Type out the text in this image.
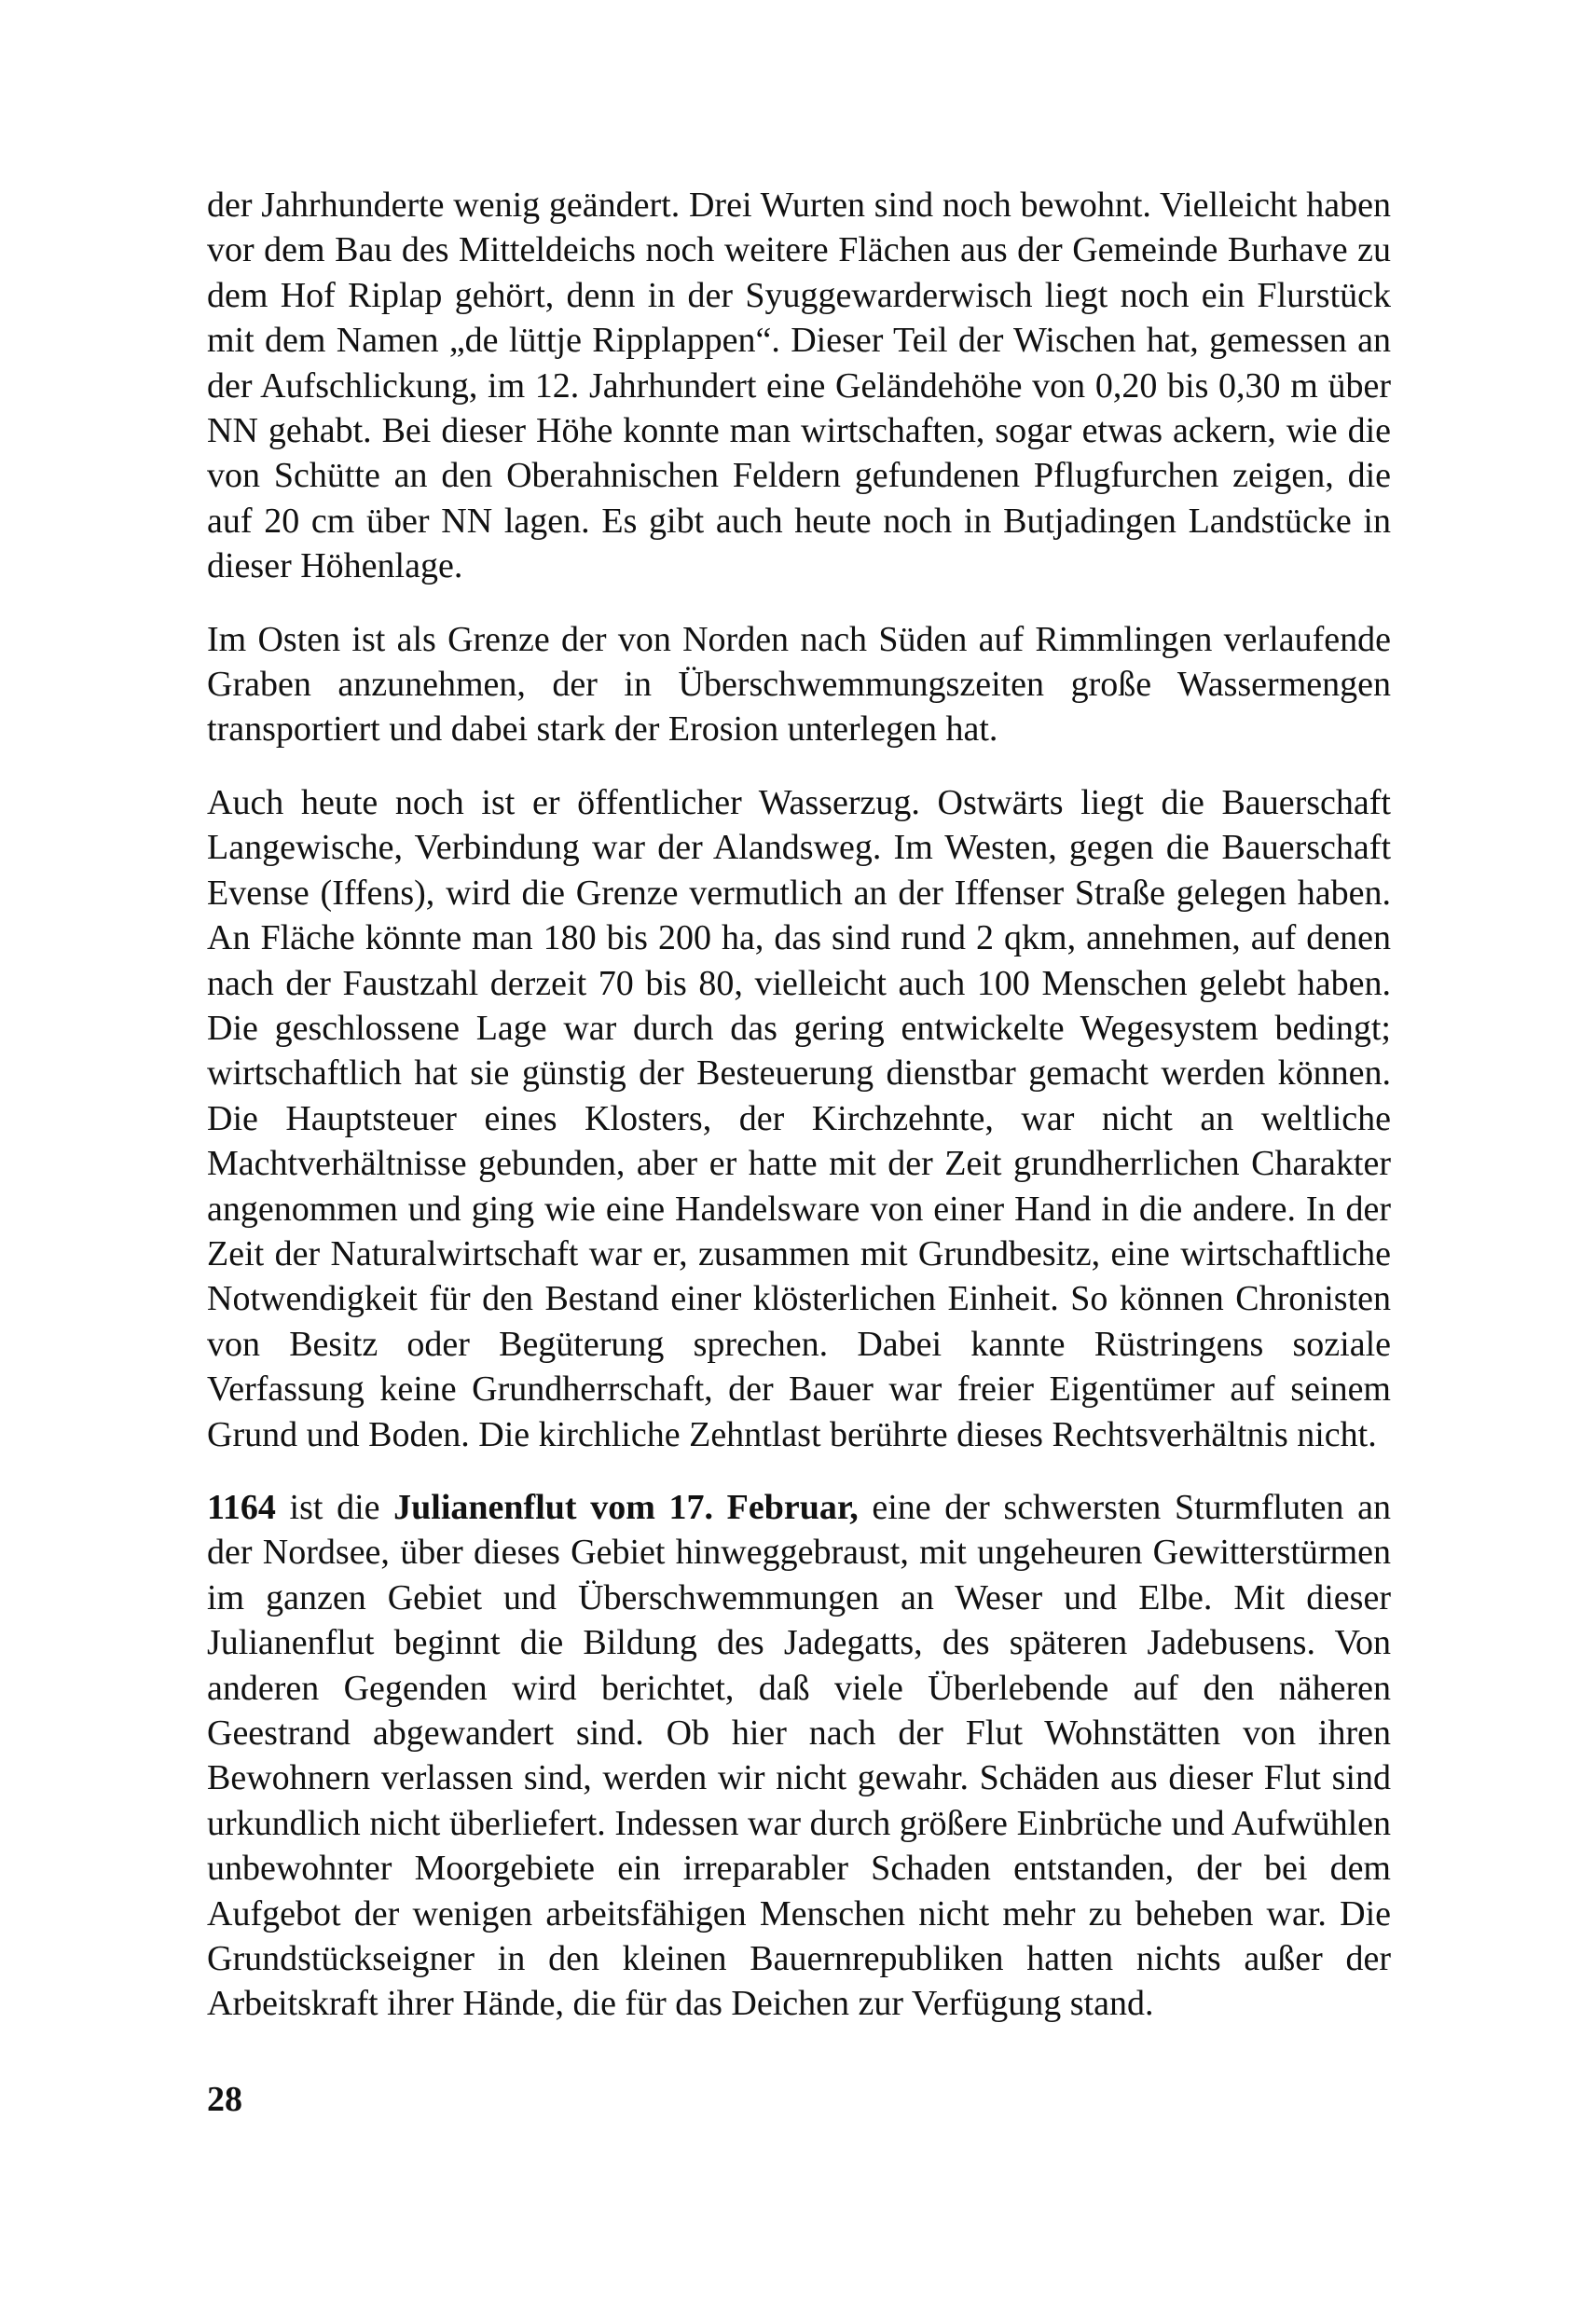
der Jahrhunderte wenig geändert. Drei Wurten sind noch bewohnt. Vielleicht haben vor dem Bau des Mitteldeichs noch weitere Flächen aus der Gemeinde Burhave zu dem Hof Riplap gehört, denn in der Syuggewarderwisch liegt noch ein Flurstück mit dem Namen „de lüttje Ripplappen“. Dieser Teil der Wischen hat, gemessen an der Aufschlickung, im 12. Jahrhundert eine Geländehöhe von 0,20 bis 0,30 m über NN gehabt. Bei dieser Höhe konnte man wirtschaften, sogar etwas ackern, wie die von Schütte an den Oberahnischen Feldern gefundenen Pflugfurchen zeigen, die auf 20 cm über NN lagen. Es gibt auch heute noch in Butjadingen Landstücke in dieser Höhenlage.

Im Osten ist als Grenze der von Norden nach Süden auf Rimmlingen verlaufende Graben anzunehmen, der in Überschwemmungszeiten große Wassermengen transportiert und dabei stark der Erosion unterlegen hat.

Auch heute noch ist er öffentlicher Wasserzug. Ostwärts liegt die Bauerschaft Langewische, Verbindung war der Alandsweg. Im Westen, gegen die Bauerschaft Evense (Iffens), wird die Grenze vermutlich an der Iffenser Straße gelegen haben. An Fläche könnte man 180 bis 200 ha, das sind rund 2 qkm, annehmen, auf denen nach der Faustzahl derzeit 70 bis 80, vielleicht auch 100 Menschen gelebt haben. Die geschlossene Lage war durch das gering entwickelte Wegesystem bedingt; wirtschaftlich hat sie günstig der Besteuerung dienstbar gemacht werden können. Die Hauptsteuer eines Klosters, der Kirchzehnte, war nicht an weltliche Machtverhältnisse gebunden, aber er hatte mit der Zeit grundherrlichen Charakter angenommen und ging wie eine Handelsware von einer Hand in die andere. In der Zeit der Naturalwirtschaft war er, zusammen mit Grundbesitz, eine wirtschaftliche Notwendigkeit für den Bestand einer klösterlichen Einheit. So können Chronisten von Besitz oder Begüterung sprechen. Dabei kannte Rüstringens soziale Verfassung keine Grundherrschaft, der Bauer war freier Eigentümer auf seinem Grund und Boden. Die kirchliche Zehntlast berührte dieses Rechtsverhältnis nicht.

1164 ist die Julianenflut vom 17. Februar, eine der schwersten Sturmfluten an der Nordsee, über dieses Gebiet hinweggebraust, mit ungeheuren Gewitterstürmen im ganzen Gebiet und Überschwemmungen an Weser und Elbe. Mit dieser Julianenflut beginnt die Bildung des Jadegatts, des späteren Jadebusens. Von anderen Gegenden wird berichtet, daß viele Überlebende auf den näheren Geestrand abgewandert sind. Ob hier nach der Flut Wohnstätten von ihren Bewohnern verlassen sind, werden wir nicht gewahr. Schäden aus dieser Flut sind urkundlich nicht überliefert. Indessen war durch größere Einbrüche und Aufwühlen unbewohnter Moorgebiete ein irreparabler Schaden entstanden, der bei dem Aufgebot der wenigen arbeitsfähigen Menschen nicht mehr zu beheben war. Die Grundstückseigner in den kleinen Bauernrepubliken hatten nichts außer der Arbeitskraft ihrer Hände, die für das Deichen zur Verfügung stand.

28
